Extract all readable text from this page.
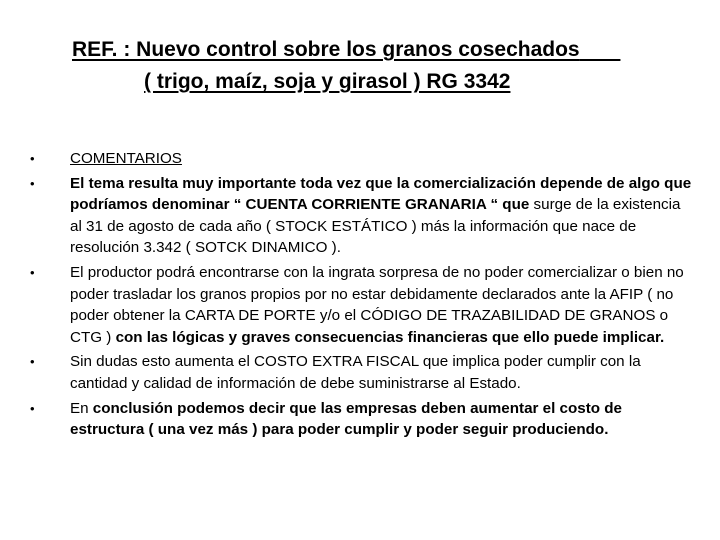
REF. : Nuevo control sobre los granos cosechados
( trigo, maíz, soja y girasol ) RG 3342
•	COMENTARIOS
•	El tema resulta muy importante toda vez que la comercialización depende de algo que podríamos denominar “ CUENTA CORRIENTE GRANARIA “ que surge de la existencia al 31 de agosto de cada año ( STOCK ESTÁTICO ) más la información que nace de resolución 3.342 ( SOTCK DINAMICO ).
•	El productor podrá encontrarse con la ingrata sorpresa de no poder comercializar o bien no poder trasladar los granos propios por no estar debidamente declarados ante la AFIP ( no poder obtener la CARTA DE PORTE y/o el CÓDIGO DE TRAZABILIDAD DE GRANOS o CTG ) con las lógicas y graves consecuencias financieras que ello puede implicar.
•	Sin dudas esto aumenta el COSTO EXTRA FISCAL que implica poder cumplir con la cantidad y calidad de información de debe suministrarse al Estado.
•	En conclusión podemos decir que las empresas deben aumentar el costo de estructura ( una vez más ) para poder cumplir y poder seguir produciendo.
